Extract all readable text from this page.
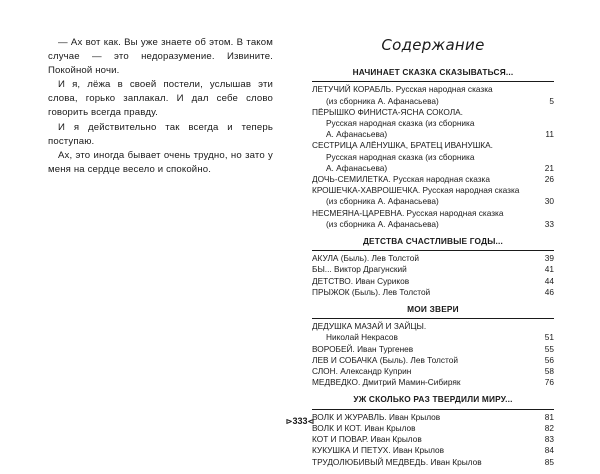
— Ах вот как. Вы уже знаете об этом. В таком случае — это недоразумение. Извините. Покойной ночи.

И я, лёжа в своей постели, услышав эти слова, горько заплакал. И дал себе слово говорить всегда правду.

И я действительно так всегда и теперь поступаю.

Ах, это иногда бывает очень трудно, но зато у меня на сердце весело и спокойно.

Содержание
НАЧИНАЕТ СКАЗКА СКАЗЫВАТЬСЯ...
ЛЕТУЧИЙ КОРАБЛЬ. Русская народная сказка
(из сборника А. Афанасьева)	5
ПЁРЫШКО ФИНИСТА-ЯСНА СОКОЛА.
Русская народная сказка (из сборника
А. Афанасьева)	11
СЕСТРИЦА АЛЁНУШКА, БРАТЕЦ ИВАНУШКА.
Русская народная сказка (из сборника
А. Афанасьева)	21
ДОЧЬ-СЕМИЛЕТКА. Русская народная сказка	26
КРОШЕЧКА-ХАВРОШЕЧКА. Русская народная сказка
(из сборника А. Афанасьева)	30
НЕСМЕЯНА-ЦАРЕВНА. Русская народная сказка
(из сборника А. Афанасьева)	33
ДЕТСТВА СЧАСТЛИВЫЕ ГОДЫ...
АКУЛА (Быль). Лев Толстой	39
БЫ... Виктор Драгунский	41
ДЕТСТВО. Иван Суриков	44
ПРЫЖОК (Быль). Лев Толстой	46
МОИ ЗВЕРИ
ДЕДУШКА МАЗАЙ И ЗАЙЦЫ.
Николай Некрасов	51
ВОРОБЕЙ. Иван Тургенев	55
ЛЕВ И СОБАЧКА (Быль). Лев Толстой	56
СЛОН. Александр Куприн	58
МЕДВЕДКО. Дмитрий Мамин-Сибиряк	76
УЖ СКОЛЬКО РАЗ ТВЕРДИЛИ МИРУ...
ВОЛК И ЖУРАВЛЬ. Иван Крылов	81
ВОЛК И КОТ. Иван Крылов	82
КОТ И ПОВАР. Иван Крылов	83
КУКУШКА И ПЕТУХ. Иван Крылов	84
ТРУДОЛЮБИВЫЙ МЕДВЕДЬ. Иван Крылов	85
⊳333⊲
